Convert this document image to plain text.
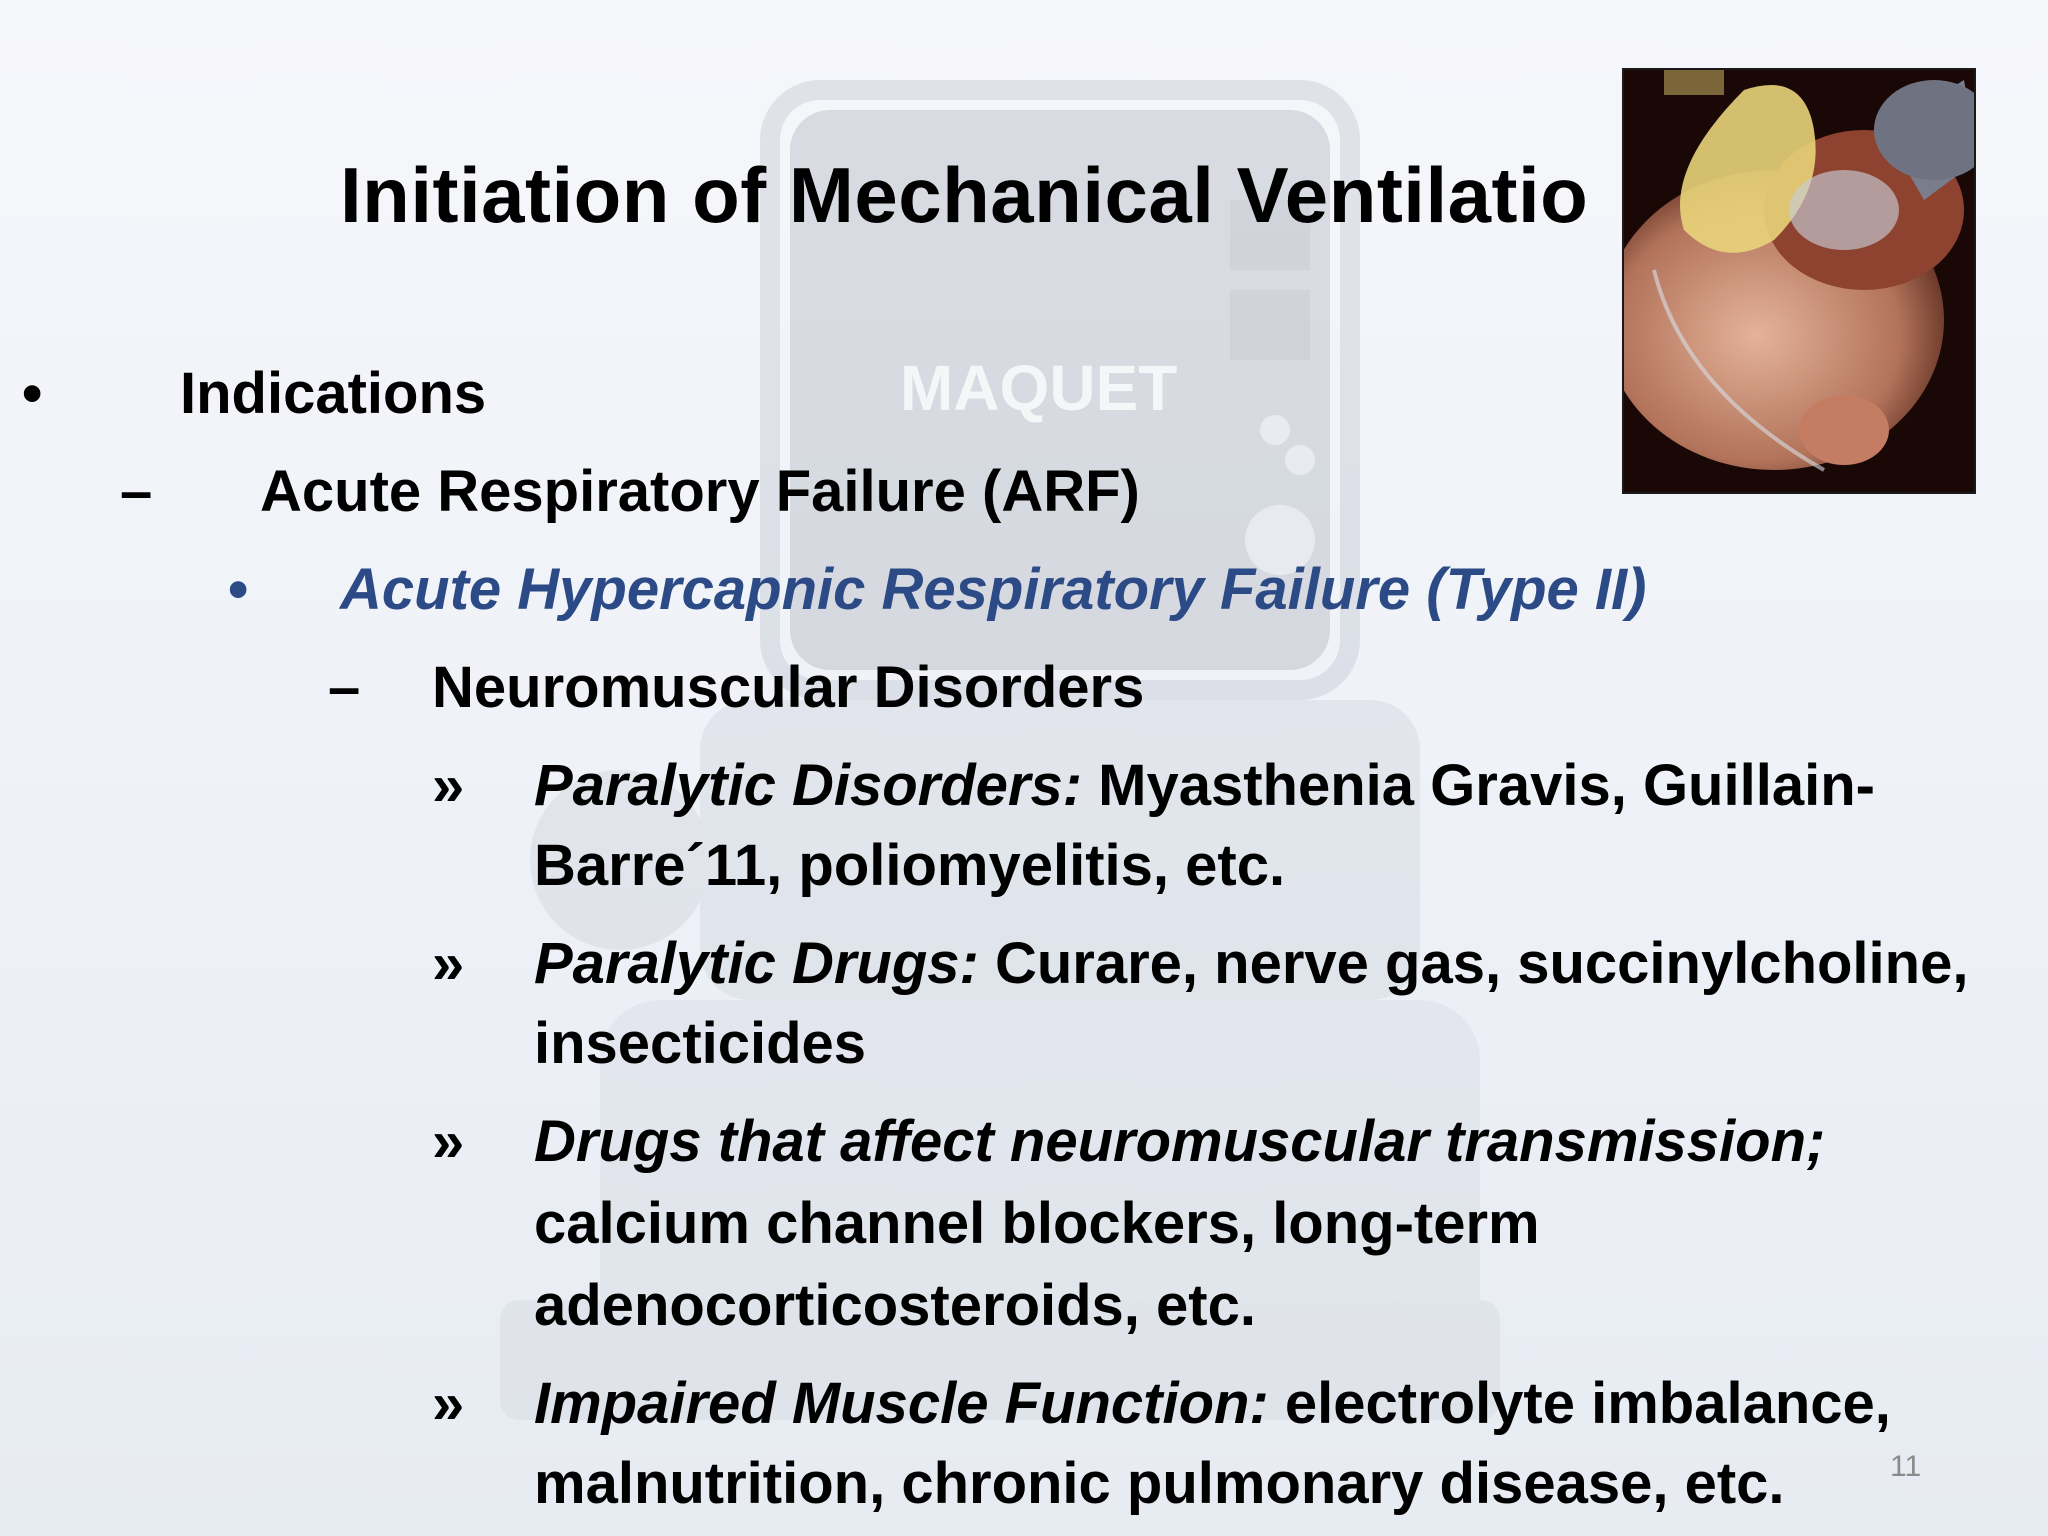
MAQUET
Initiation of Mechanical Ventilatio
• Indications
– Acute Respiratory Failure (ARF)
• Acute Hypercapnic Respiratory Failure (Type II)
– Neuromuscular Disorders
» Paralytic Disorders: Myasthenia Gravis, Guillain-
Barre´11, poliomyelitis, etc.
» Paralytic Drugs: Curare, nerve gas, succinylcholine,
insecticides
» Drugs that affect neuromuscular transmission;
calcium channel blockers, long-term
adenocorticosteroids, etc.
» Impaired Muscle Function: electrolyte imbalance,
malnutrition, chronic pulmonary disease, etc.	11
